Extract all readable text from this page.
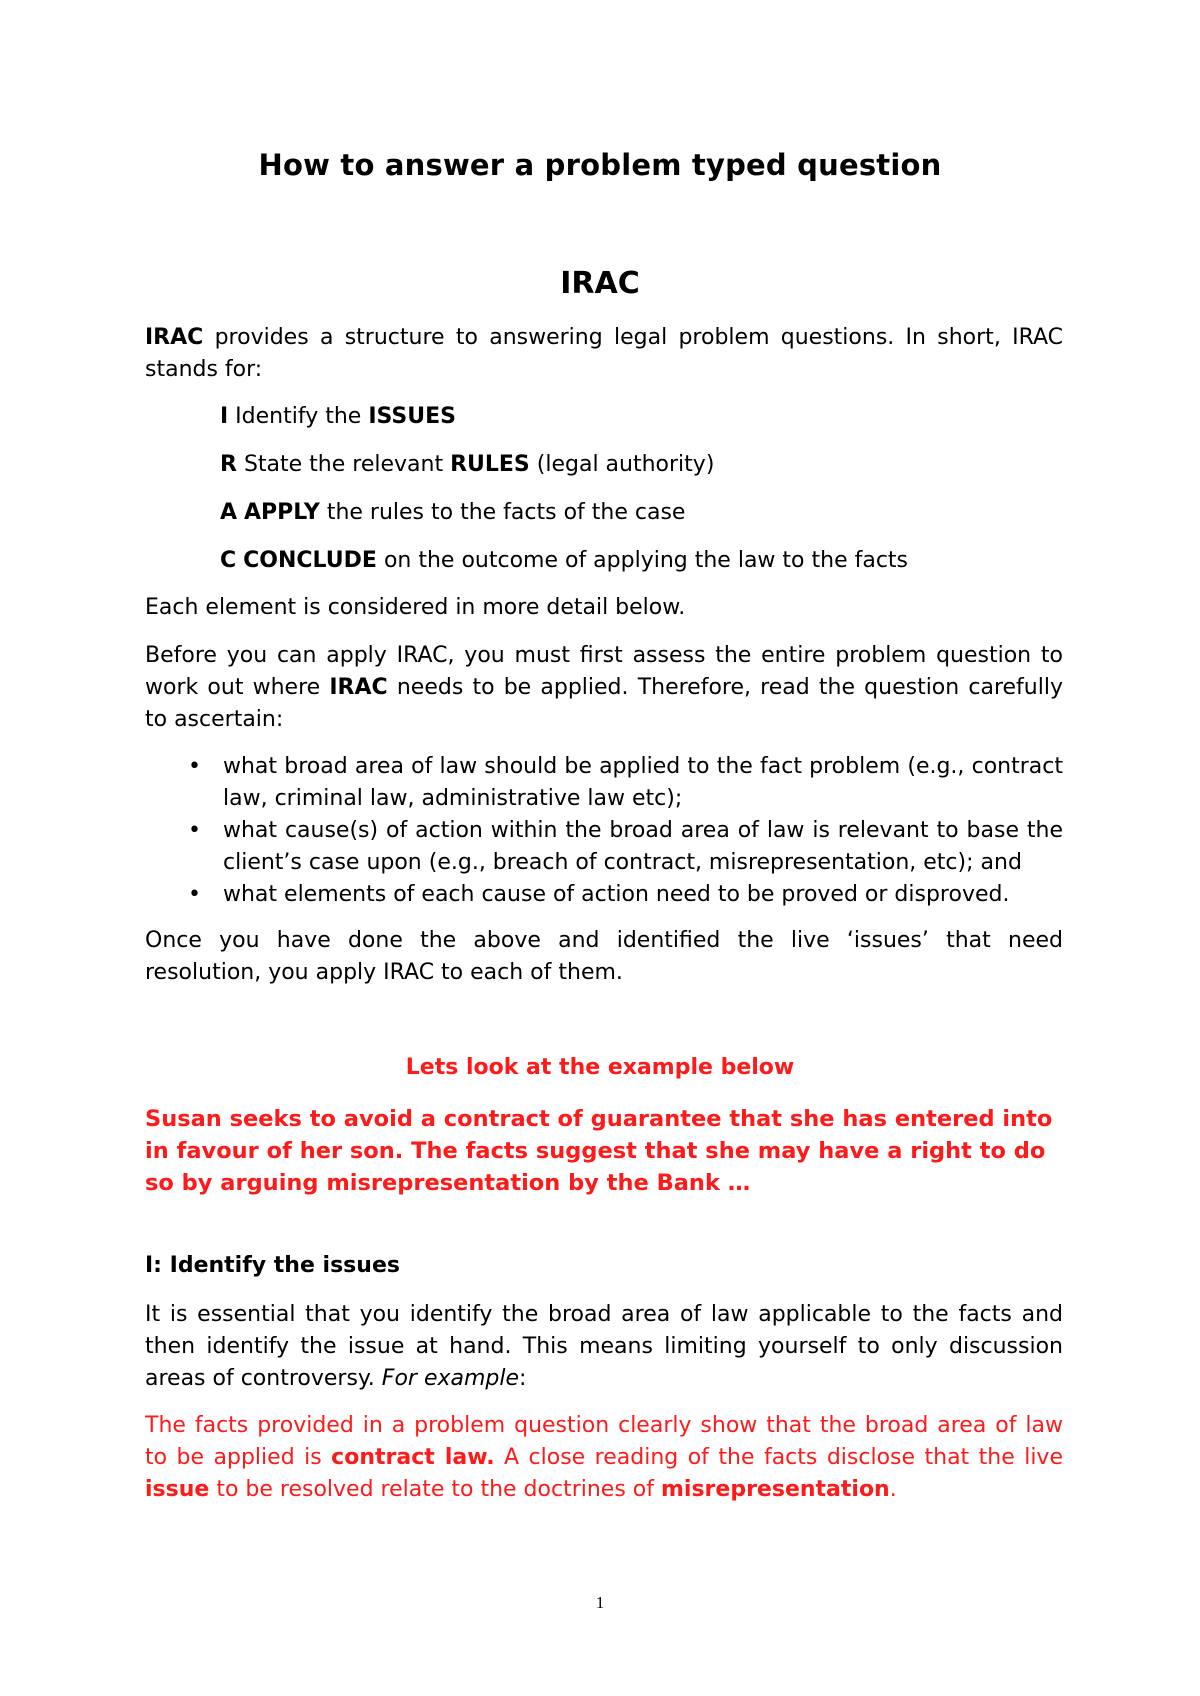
How to answer a problem typed question
IRAC

IRAC provides a structure to answering legal problem questions. In short, IRAC stands for:

I Identify the ISSUES
R State the relevant RULES (legal authority)
A APPLY the rules to the facts of the case
C CONCLUDE on the outcome of applying the law to the facts

Each element is considered in more detail below.

Before you can apply IRAC, you must first assess the entire problem question to work out where IRAC needs to be applied. Therefore, read the question carefully to ascertain:

• what broad area of law should be applied to the fact problem (e.g., contract law, criminal law, administrative law etc);
• what cause(s) of action within the broad area of law is relevant to base the client’s case upon (e.g., breach of contract, misrepresentation, etc); and
• what elements of each cause of action need to be proved or disproved.

Once you have done the above and identified the live ‘issues’ that need resolution, you apply IRAC to each of them.

Lets look at the example below

Susan seeks to avoid a contract of guarantee that she has entered into in favour of her son. The facts suggest that she may have a right to do so by arguing misrepresentation by the Bank …

I: Identify the issues

It is essential that you identify the broad area of law applicable to the facts and then identify the issue at hand. This means limiting yourself to only discussion areas of controversy. For example:

The facts provided in a problem question clearly show that the broad area of law to be applied is contract law. A close reading of the facts disclose that the live issue to be resolved relate to the doctrines of misrepresentation.

1
